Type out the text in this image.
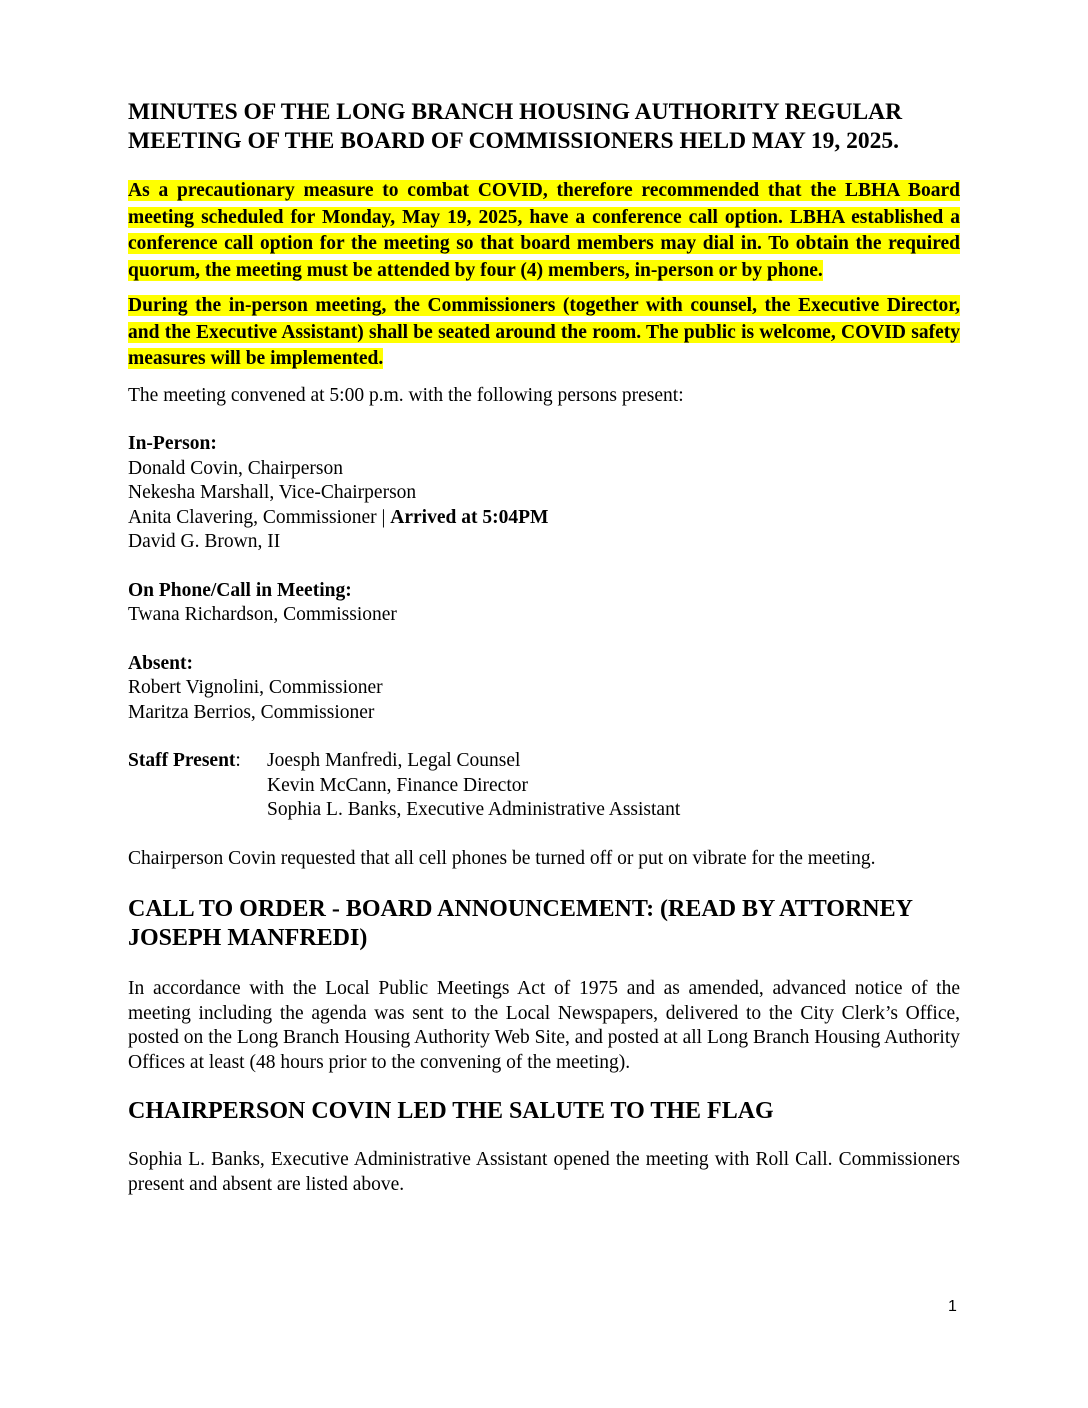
MINUTES OF THE LONG BRANCH HOUSING AUTHORITY REGULAR MEETING OF THE BOARD OF COMMISSIONERS HELD MAY 19, 2025.

As a precautionary measure to combat COVID, therefore recommended that the LBHA Board meeting scheduled for Monday, May 19, 2025, have a conference call option. LBHA established a conference call option for the meeting so that board members may dial in. To obtain the required quorum, the meeting must be attended by four (4) members, in-person or by phone.

During the in-person meeting, the Commissioners (together with counsel, the Executive Director, and the Executive Assistant) shall be seated around the room. The public is welcome, COVID safety measures will be implemented.

The meeting convened at 5:00 p.m. with the following persons present:

In-Person:
Donald Covin, Chairperson
Nekesha Marshall, Vice-Chairperson
Anita Clavering, Commissioner | Arrived at 5:04PM
David G. Brown, II
On Phone/Call in Meeting:
Twana Richardson, Commissioner
Absent:
Robert Vignolini, Commissioner
Maritza Berrios, Commissioner
Staff Present:	Joesph Manfredi, Legal Counsel
Kevin McCann, Finance Director
Sophia L. Banks, Executive Administrative Assistant

Chairperson Covin requested that all cell phones be turned off or put on vibrate for the meeting.

CALL TO ORDER - BOARD ANNOUNCEMENT: (READ BY ATTORNEY JOSEPH MANFREDI)

In accordance with the Local Public Meetings Act of 1975 and as amended, advanced notice of the meeting including the agenda was sent to the Local Newspapers, delivered to the City Clerk’s Office, posted on the Long Branch Housing Authority Web Site, and posted at all Long Branch Housing Authority Offices at least (48 hours prior to the convening of the meeting).

CHAIRPERSON COVIN LED THE SALUTE TO THE FLAG

Sophia L. Banks, Executive Administrative Assistant opened the meeting with Roll Call. Commissioners present and absent are listed above.

1
